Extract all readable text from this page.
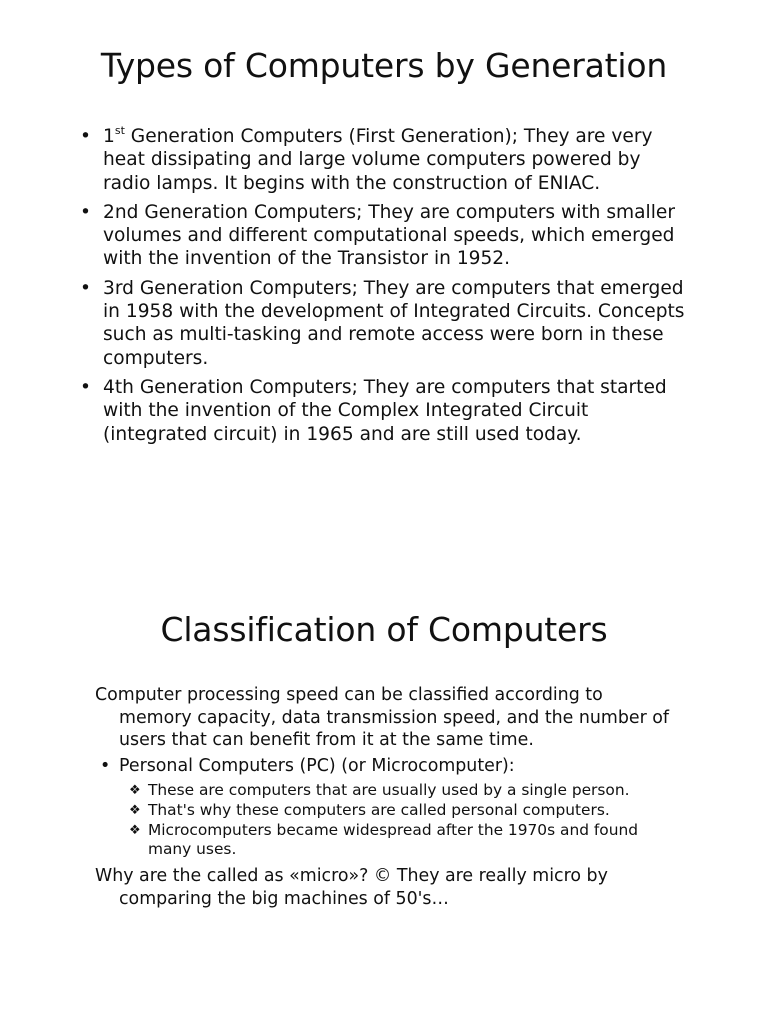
Types of Computers by Generation
• 1st Generation Computers (First Generation); They are very heat dissipating and large volume computers powered by radio lamps. It begins with the construction of ENIAC.
• 2nd Generation Computers; They are computers with smaller volumes and different computational speeds, which emerged with the invention of the Transistor in 1952.
• 3rd Generation Computers; They are computers that emerged in 1958 with the development of Integrated Circuits. Concepts such as multi-tasking and remote access were born in these computers.
• 4th Generation Computers; They are computers that started with the invention of the Complex Integrated Circuit (integrated circuit) in 1965 and are still used today.
Classification of Computers

Computer processing speed can be classified according to memory capacity, data transmission speed, and the number of users that can benefit from it at the same time.

• Personal Computers (PC) (or Microcomputer):
❖ These are computers that are usually used by a single person.
❖ That's why these computers are called personal computers.
❖ Microcomputers became widespread after the 1970s and found many uses.

Why are the called as «micro»? © They are really micro by comparing the big machines of 50's…
